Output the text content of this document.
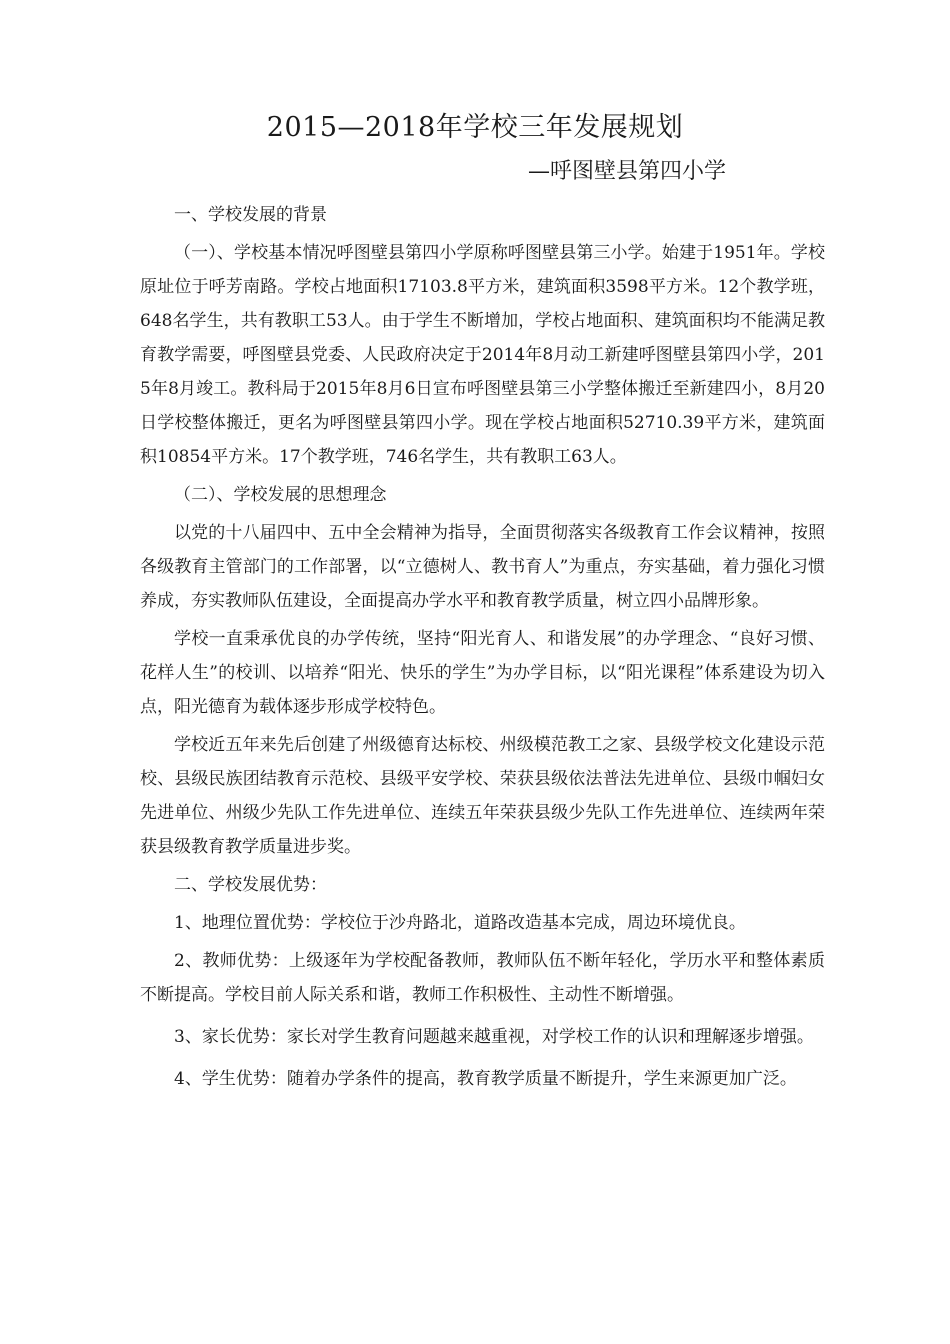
2015—2018年学校三年发展规划
—呼图壁县第四小学

一、学校发展的背景

（一）、学校基本情况呼图壁县第四小学原称呼图壁县第三小学。始建于1951年。学校原址位于呼芳南路。学校占地面积17103.8平方米，建筑面积3598平方米。12个教学班，648名学生，共有教职工53人。由于学生不断增加，学校占地面积、建筑面积均不能满足教育教学需要，呼图壁县党委、人民政府决定于2014年8月动工新建呼图壁县第四小学，2015年8月竣工。教科局于2015年8月6日宣布呼图壁县第三小学整体搬迁至新建四小，8月20日学校整体搬迁，更名为呼图壁县第四小学。现在学校占地面积52710.39平方米，建筑面积10854平方米。17个教学班，746名学生，共有教职工63人。

（二）、学校发展的思想理念

以党的十八届四中、五中全会精神为指导，全面贯彻落实各级教育工作会议精神，按照各级教育主管部门的工作部署，以“立德树人、教书育人”为重点，夯实基础，着力强化习惯养成，夯实教师队伍建设，全面提高办学水平和教育教学质量，树立四小品牌形象。

学校一直秉承优良的办学传统，坚持“阳光育人、和谐发展”的办学理念、“良好习惯、花样人生”的校训、以培养“阳光、快乐的学生”为办学目标，以“阳光课程”体系建设为切入点，阳光德育为载体逐步形成学校特色。

学校近五年来先后创建了州级德育达标校、州级模范教工之家、县级学校文化建设示范校、县级民族团结教育示范校、县级平安学校、荣获县级依法普法先进单位、县级巾帼妇女先进单位、州级少先队工作先进单位、连续五年荣获县级少先队工作先进单位、连续两年荣获县级教育教学质量进步奖。

二、学校发展优势：

1、地理位置优势：学校位于沙舟路北，道路改造基本完成，周边环境优良。

2、教师优势：上级逐年为学校配备教师，教师队伍不断年轻化，学历水平和整体素质不断提高。学校目前人际关系和谐，教师工作积极性、主动性不断增强。

3、家长优势：家长对学生教育问题越来越重视，对学校工作的认识和理解逐步增强。

4、学生优势：随着办学条件的提高，教育教学质量不断提升，学生来源更加广泛。
